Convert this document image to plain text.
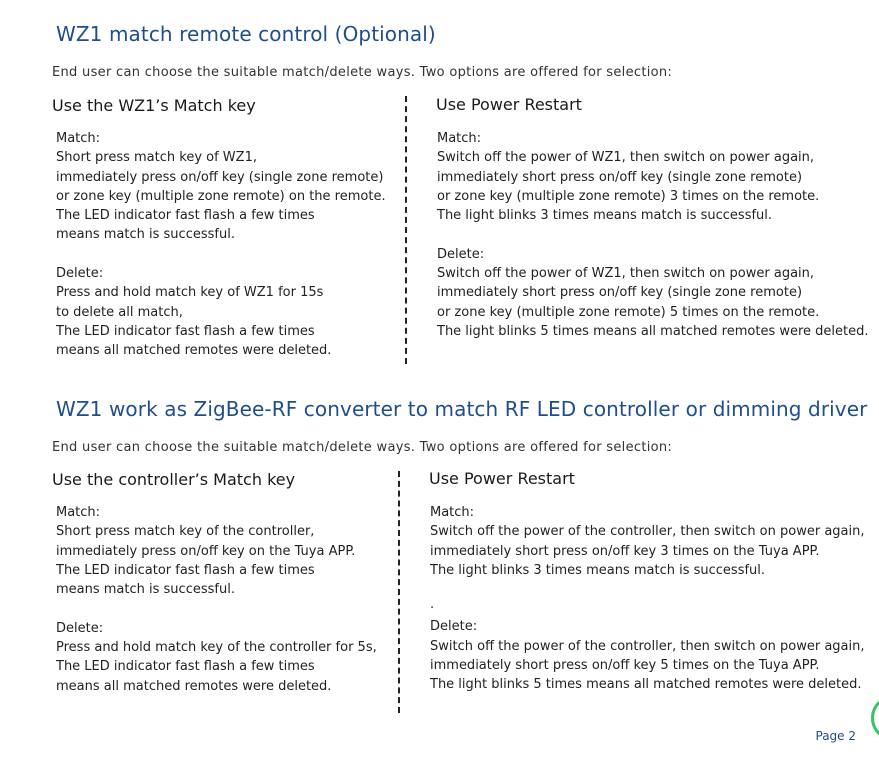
WZ1 match remote control (Optional)

End user can choose the suitable match/delete ways. Two options are offered for selection:

Use the WZ1’s Match key
Match:
Short press match key of WZ1,
immediately press on/off key (single zone remote)
or zone key (multiple zone remote) on the remote.
The LED indicator fast flash a few times
means match is successful.
Delete:
Press and hold match key of WZ1 for 15s
to delete all match,
The LED indicator fast flash a few times
means all matched remotes were deleted.
Use Power Restart
Match:
Switch off the power of WZ1, then switch on power again,
immediately short press on/off key (single zone remote)
or zone key (multiple zone remote) 3 times on the remote.
The light blinks 3 times means match is successful.
Delete:
Switch off the power of WZ1, then switch on power again,
immediately short press on/off key (single zone remote)
or zone key (multiple zone remote) 5 times on the remote.
The light blinks 5 times means all matched remotes were deleted.
WZ1 work as ZigBee-RF converter to match RF LED controller or dimming driver

End user can choose the suitable match/delete ways. Two options are offered for selection:

Use the controller’s Match key
Match:
Short press match key of the controller,
immediately press on/off key on the Tuya APP.
The LED indicator fast flash a few times
means match is successful.
Delete:
Press and hold match key of the controller for 5s,
The LED indicator fast flash a few times
means all matched remotes were deleted.
Use Power Restart
Match:
Switch off the power of the controller, then switch on power again,
immediately short press on/off key 3 times on the Tuya APP.
The light blinks 3 times means match is successful.
.
Delete:
Switch off the power of the controller, then switch on power again,
immediately short press on/off key 5 times on the Tuya APP.
The light blinks 5 times means all matched remotes were deleted.
Page 2
